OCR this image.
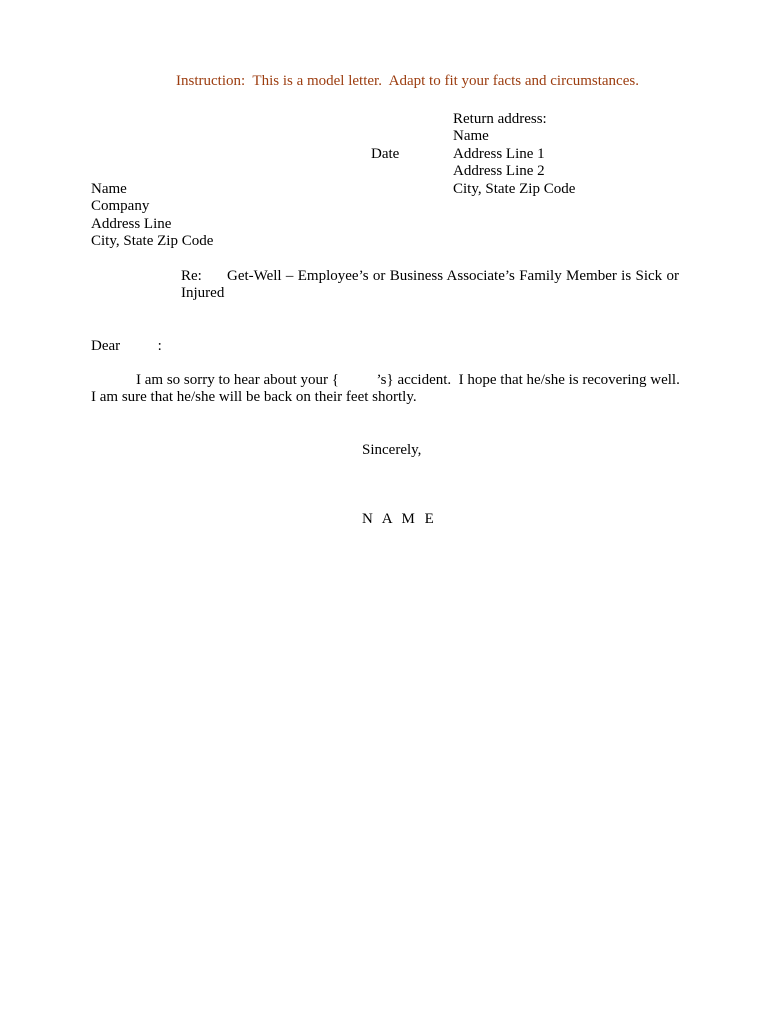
Instruction:  This is a model letter.  Adapt to fit your facts and circumstances.
Return address:
Name
Address Line 1
Address Line 2
City, State Zip Code
Date
Name
Company
Address Line
City, State Zip Code
Re:	Get-Well – Employee’s or Business Associate’s Family Member is Sick or
Injured
Dear          :
I am so sorry to hear about your {          ’s} accident.  I hope that he/she is recovering well.
I am sure that he/she will be back on their feet shortly.
Sincerely,
N A M E
